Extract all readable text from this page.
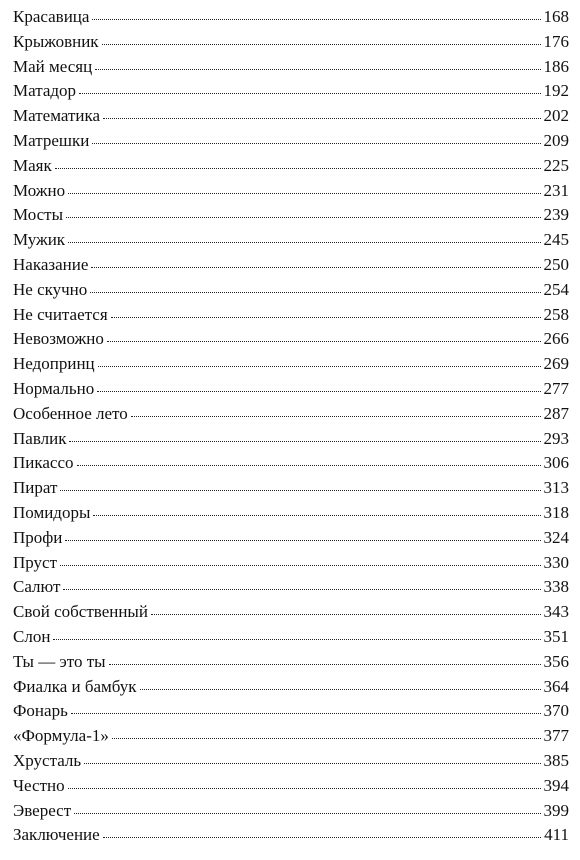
Красавица	168
Крыжовник	176
Май месяц	186
Матадор	192
Математика	202
Матрешки	209
Маяк	225
Можно	231
Мосты	239
Мужик	245
Наказание	250
Не скучно	254
Не считается	258
Невозможно	266
Недопринц	269
Нормально	277
Особенное лето	287
Павлик	293
Пикассо	306
Пират	313
Помидоры	318
Профи	324
Пруст	330
Салют	338
Свой собственный	343
Слон	351
Ты — это ты	356
Фиалка и бамбук	364
Фонарь	370
«Формула-1»	377
Хрусталь	385
Честно	394
Эверест	399
Заключение	411
